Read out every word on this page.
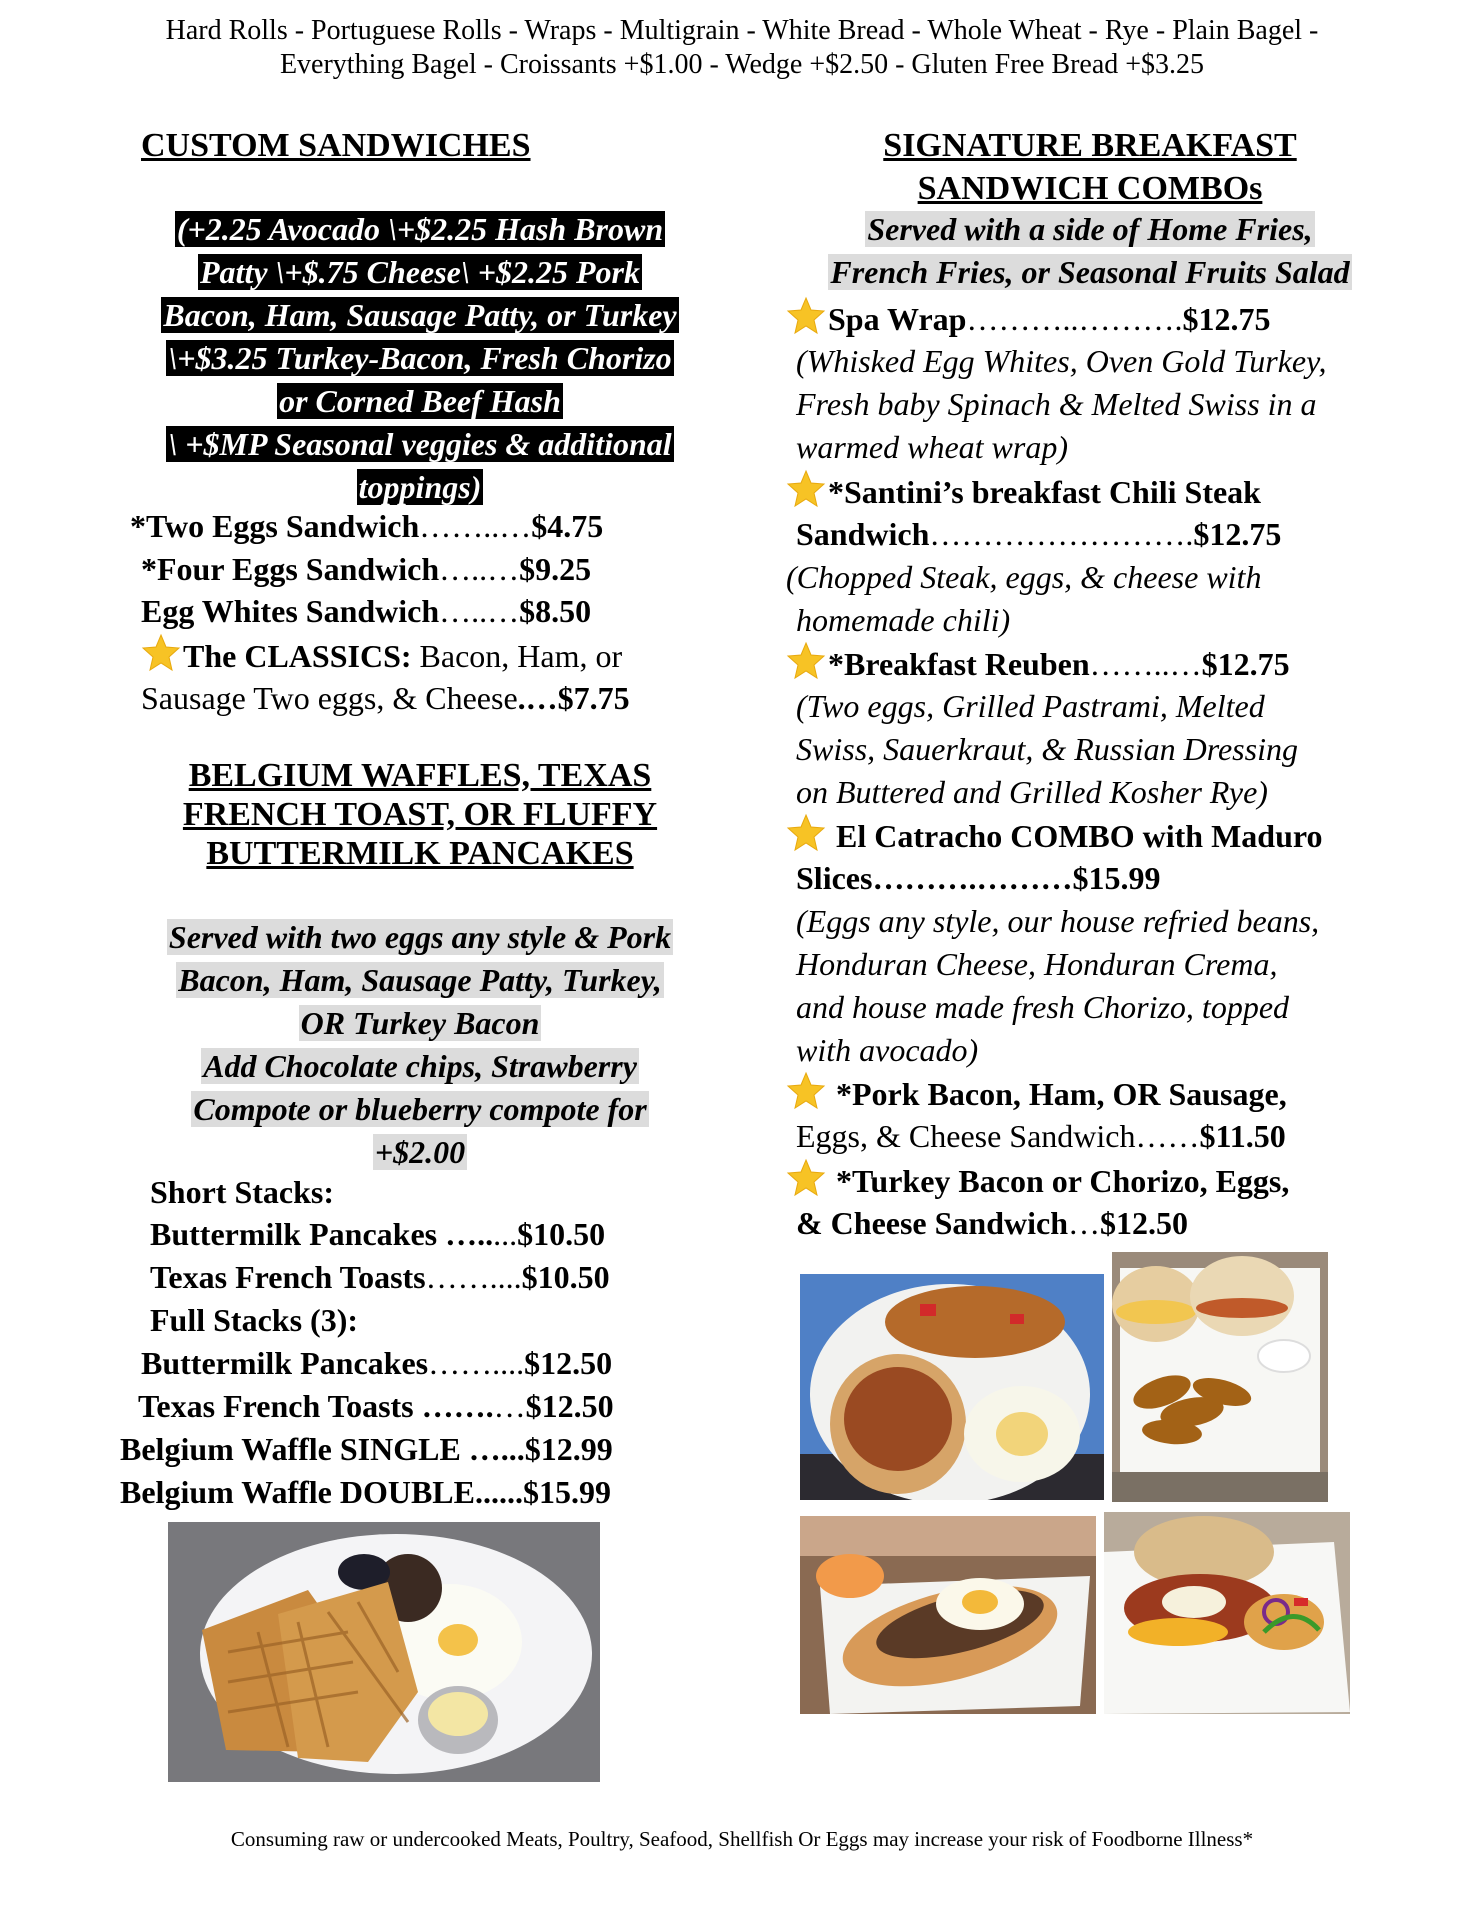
Hard Rolls - Portuguese Rolls - Wraps - Multigrain - White Bread - Whole Wheat - Rye - Plain Bagel -
Everything Bagel - Croissants +$1.00 - Wedge +$2.50 - Gluten Free Bread +$3.25
CUSTOM SANDWICHES
(+2.25 Avocado \+$2.25 Hash Brown
Patty \+$.75 Cheese\ +$2.25 Pork
Bacon, Ham, Sausage Patty, or Turkey
\+$3.25 Turkey-Bacon, Fresh Chorizo
or Corned Beef Hash
\ +$MP Seasonal veggies & additional
toppings)
*Two Eggs Sandwich……..…$4.75
*Four Eggs Sandwich…..…$9.25
Egg Whites Sandwich…..…$8.50
The CLASSICS: Bacon, Ham, or
Sausage Two eggs, & Cheese.…$7.75
BELGIUM WAFFLES, TEXAS
FRENCH TOAST, OR FLUFFY
BUTTERMILK PANCAKES
Served with two eggs any style & Pork
Bacon, Ham, Sausage Patty, Turkey,
OR Turkey Bacon
Add Chocolate chips, Strawberry
Compote or blueberry compote for
+$2.00
Short Stacks:
Buttermilk Pancakes ….....$10.50
Texas French Toasts……....$10.50
Full Stacks (3):
Buttermilk Pancakes……....$12.50
Texas French Toasts …….…$12.50
Belgium Waffle SINGLE …...$12.99
Belgium Waffle DOUBLE......$15.99
SIGNATURE BREAKFAST
SANDWICH COMBOs
Served with a side of Home Fries,
French Fries, or Seasonal Fruits Salad
Spa Wrap………..……….$12.75
(Whisked Egg Whites, Oven Gold Turkey,
Fresh baby Spinach & Melted Swiss in a
warmed wheat wrap)
*Santini’s breakfast Chili Steak
Sandwich…………………….$12.75
(Chopped Steak, eggs, & cheese with
homemade chili)
*Breakfast Reuben……..…$12.75
(Two eggs, Grilled Pastrami, Melted
Swiss, Sauerkraut, & Russian Dressing
on Buttered and Grilled Kosher Rye)
El Catracho COMBO with Maduro
Slices……….………$15.99
(Eggs any style, our house refried beans,
Honduran Cheese, Honduran Crema,
and house made fresh Chorizo, topped
with avocado)
*Pork Bacon, Ham, OR Sausage,
Eggs, & Cheese Sandwich……$11.50
*Turkey Bacon or Chorizo, Eggs,
& Cheese Sandwich…$12.50
Consuming raw or undercooked Meats, Poultry, Seafood, Shellfish Or Eggs may increase your risk of Foodborne Illness*
